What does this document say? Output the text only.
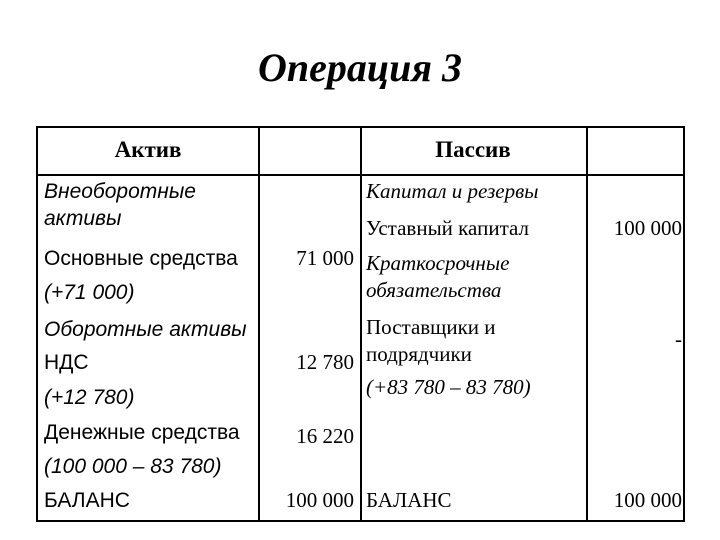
Операция 3
Актив	Пассив
Внеоборотные
активы
Основные средства
(+71 000)
Оборотные активы
НДС
(+12 780)
Денежные средства
(100 000 – 83 780)
БАЛАНС
71 000
12 780
16 220
100 000
Капитал и резервы
Уставный капитал
Краткосрочные
обязательства
Поставщики и
подрядчики
(+83 780 – 83 780)
БАЛАНС
100 000
-
100 000
